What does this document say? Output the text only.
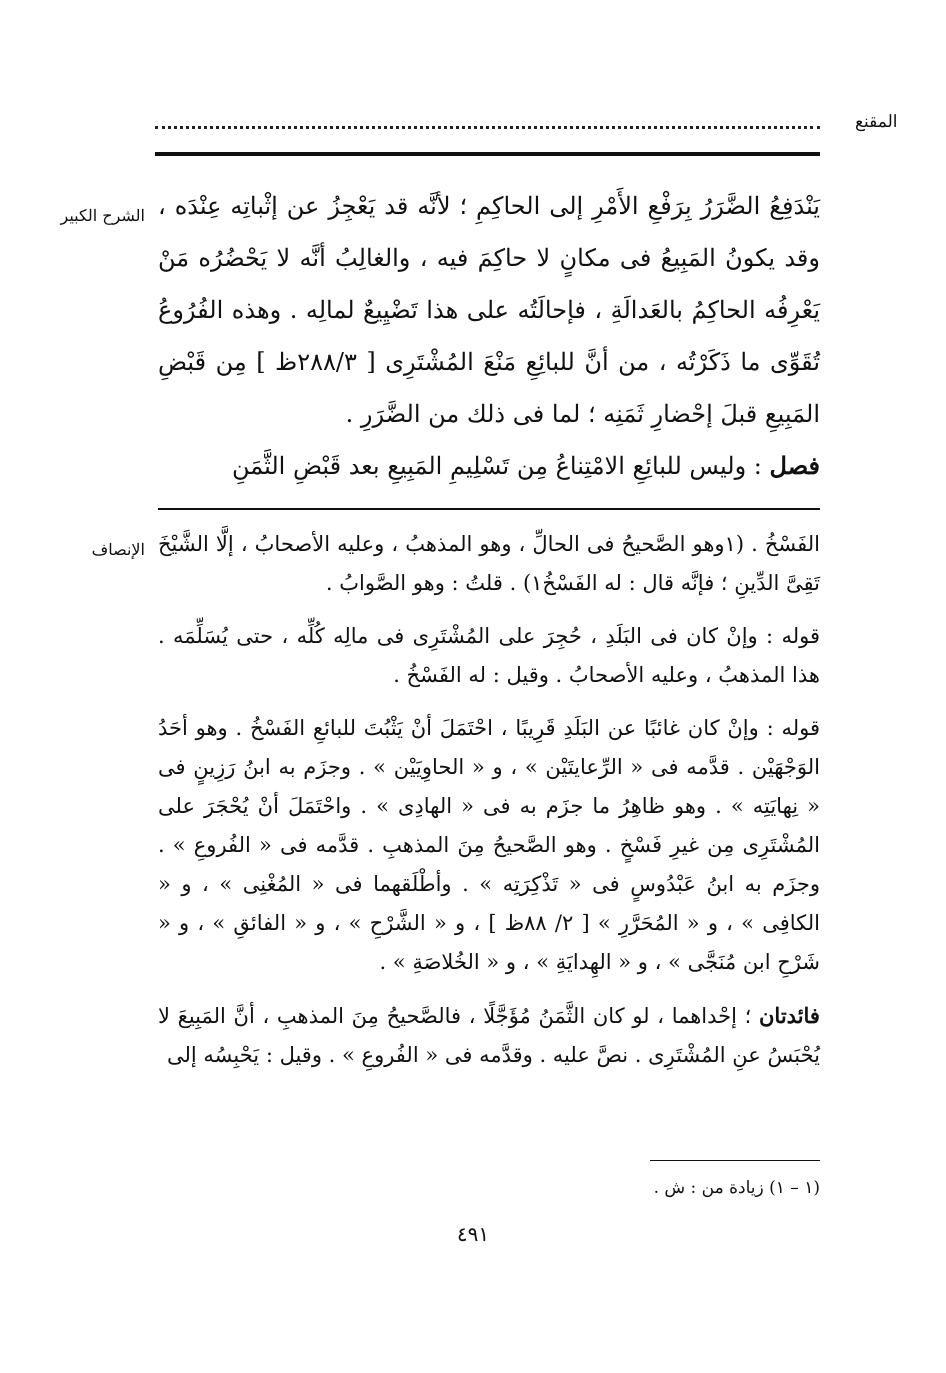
المقنع
الشرح الكبير
الإنصاف

يَنْدَفِعُ الضَّرَرُ بِرَفْعِ الأَمْرِ إلى الحاكِمِ ؛ لأنَّه قد يَعْجِزُ عن إثْباتِه عِنْدَه ، وقد يكونُ المَبِيعُ فى مكانٍ لا حاكِمَ فيه ، والغالِبُ أنَّه لا يَحْضُرُه مَنْ يَعْرِفُه الحاكِمُ بالعَدالَةِ ، فإحالَتُه على هذا تَضْيِيعٌ لمالِه . وهذه الفُرُوعُ تُقَوِّى ما ذَكَرْتُه ، من أنَّ للبائِعِ مَنْعَ المُشْتَرِى [ ٢٨٨/٣ظ ] مِن قَبْضِ المَبِيعِ قبلَ إحْضارِ ثَمَنِه ؛ لما فى ذلك من الضَّرَرِ .

فصل : وليس للبائِعِ الامْتِناعُ مِن تَسْلِيمِ المَبِيعِ بعد قَبْضِ الثَّمَنِ

الفَسْخُ . (١وهو الصَّحيحُ فى الحالِّ ، وهو المذهبُ ، وعليه الأصحابُ ، إلَّا الشَّيْخَ تَقِىَّ الدِّينِ ؛ فإنَّه قال : له الفَسْخُ١) . قلتُ : وهو الصَّوابُ .

قوله : وإنْ كان فى البَلَدِ ، حُجِرَ على المُشْتَرِى فى مالِه كُلِّه ، حتى يُسَلِّمَه . هذا المذهبُ ، وعليه الأصحابُ . وقيل : له الفَسْخُ .

قوله : وإنْ كان غائبًا عن البَلَدِ قَرِيبًا ، احْتَمَلَ أنْ يَثْبُتَ للبائعِ الفَسْخُ . وهو أحَدُ الوَجْهَيْن . قدَّمه فى « الرِّعايتَيْن » ، و « الحاوِيَيْن » . وجزَم به ابنُ رَزِينٍ فى « نِهايَتِه » . وهو ظاهِرُ ما جزَم به فى « الهادِى » . واحْتَمَلَ أنْ يُحْجَرَ على المُشْتَرِى مِن غيرِ فَسْخٍ . وهو الصَّحيحُ مِنَ المذهبِ . قدَّمه فى « الفُروعِ » . وجزَم به ابنُ عَبْدُوسٍ فى « تَذْكِرَتِه » . وأطْلَقهما فى « المُغْنِى » ، و « الكافِى » ، و « المُحَرَّرِ » [ ٢/ ٨٨ظ ] ، و « الشَّرْحِ » ، و « الفائقِ » ، و « شَرْحِ ابن مُنَجَّى » ، و « الهِدايَةِ » ، و « الخُلاصَةِ » .

فائدتان ؛ إحْداهما ، لو كان الثَّمَنُ مُؤَجَّلًا ، فالصَّحيحُ مِنَ المذهبِ ، أنَّ المَبِيعَ لا يُحْبَسُ عنِ المُشْتَرِى . نصَّ عليه . وقدَّمه فى « الفُروعِ » . وقيل : يَحْبِسُه إلى

(١ – ١) زيادة من : ش .
٤٩١
